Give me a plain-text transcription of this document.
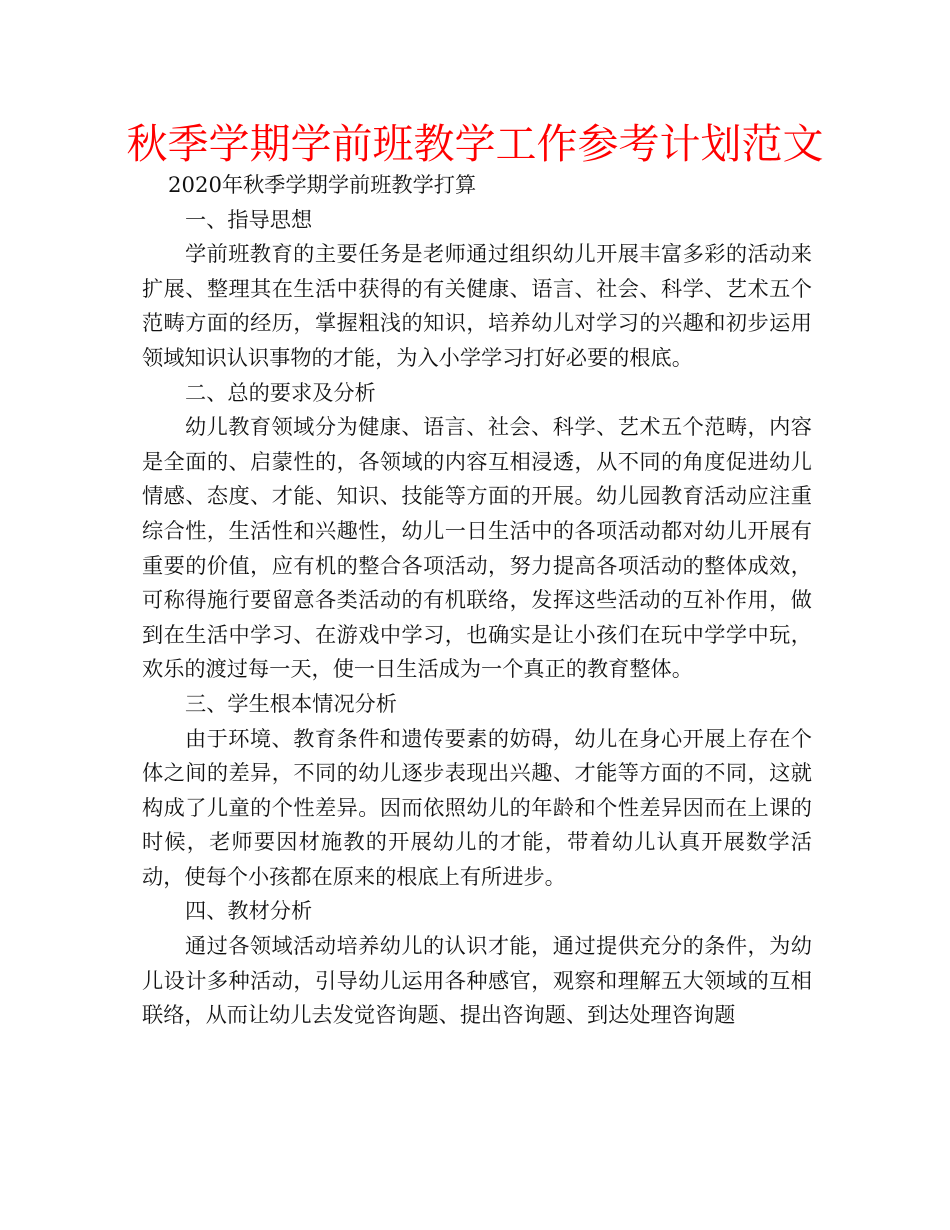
秋季学期学前班教学工作参考计划范文

2020年秋季学期学前班教学打算

一、指导思想

学前班教育的主要任务是老师通过组织幼儿开展丰富多彩的活动来扩展、整理其在生活中获得的有关健康、语言、社会、科学、艺术五个范畴方面的经历，掌握粗浅的知识，培养幼儿对学习的兴趣和初步运用领域知识认识事物的才能，为入小学学习打好必要的根底。

二、总的要求及分析

幼儿教育领域分为健康、语言、社会、科学、艺术五个范畴，内容是全面的、启蒙性的，各领域的内容互相浸透，从不同的角度促进幼儿情感、态度、才能、知识、技能等方面的开展。幼儿园教育活动应注重综合性，生活性和兴趣性，幼儿一日生活中的各项活动都对幼儿开展有重要的价值，应有机的整合各项活动，努力提高各项活动的整体成效，可称得施行要留意各类活动的有机联络，发挥这些活动的互补作用，做到在生活中学习、在游戏中学习，也确实是让小孩们在玩中学学中玩，欢乐的渡过每一天，使一日生活成为一个真正的教育整体。

三、学生根本情况分析

由于环境、教育条件和遗传要素的妨碍，幼儿在身心开展上存在个体之间的差异，不同的幼儿逐步表现出兴趣、才能等方面的不同，这就构成了儿童的个性差异。因而依照幼儿的年龄和个性差异因而在上课的时候，老师要因材施教的开展幼儿的才能，带着幼儿认真开展数学活动，使每个小孩都在原来的根底上有所进步。

四、教材分析

通过各领域活动培养幼儿的认识才能，通过提供充分的条件，为幼儿设计多种活动，引导幼儿运用各种感官，观察和理解五大领域的互相联络，从而让幼儿去发觉咨询题、提出咨询题、到达处理咨询题
